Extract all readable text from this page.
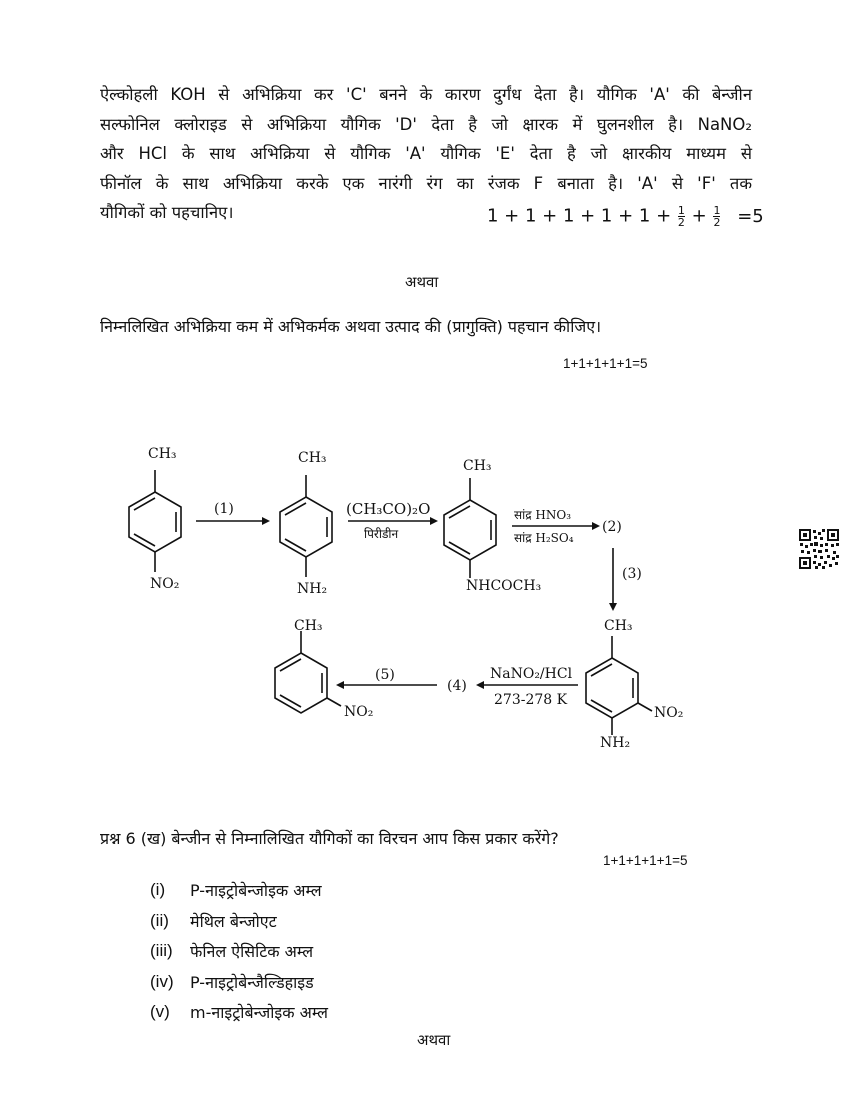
ऐल्कोहली KOH से अभिक्रिया कर 'C' बनने के कारण दुर्गंध देता है। यौगिक 'A' की बेन्जीन
सल्फोनिल क्लोराइड से अभिक्रिया यौगिक 'D' देता है जो क्षारक में घुलनशील है। NaNO₂
और HCl के साथ अभिक्रिया से यौगिक 'A' यौगिक 'E' देता है जो क्षारकीय माध्यम से
फीनॉल के साथ अभिक्रिया करके एक नारंगी रंग का रंजक F बनाता है। 'A' से 'F' तक
यौगिकों को पहचानिए।	$1 + 1 + 1 + 1 + 1 + \frac{1}{2} + \frac{1}{2} =5$
अथवा
निम्नलिखित अभिक्रिया कम में अभिकर्मक अथवा उत्पाद की (प्रागुक्ति) पहचान कीजिए।
1+1+1+1+1=5
CH₃
NO₂
CH₃
NH₂
CH₃
NHCOCH₃
CH₃
NO₂
NH₂
CH₃
NO₂
(1)	(CH₃CO)₂O
पिरीडीन
सांद्र HNO₃
सांद्र H₂SO₄
(2)
(3)
NaNO₂/HCl
273-278 K
(4)
(5)
प्रश्न 6 (ख) बेन्जीन से निम्नालिखित यौगिकों का विरचन आप किस प्रकार करेंगे?
1+1+1+1+1=5
(i)	P-नाइट्रोबेन्जोइक अम्ल
(ii)	मेथिल बेन्जोएट
(iii)	फेनिल ऐसिटिक अम्ल
(iv)	P-नाइट्रोबेन्जैल्डिहाइड
(v)	m-नाइट्रोबेन्जोइक अम्ल
अथवा
